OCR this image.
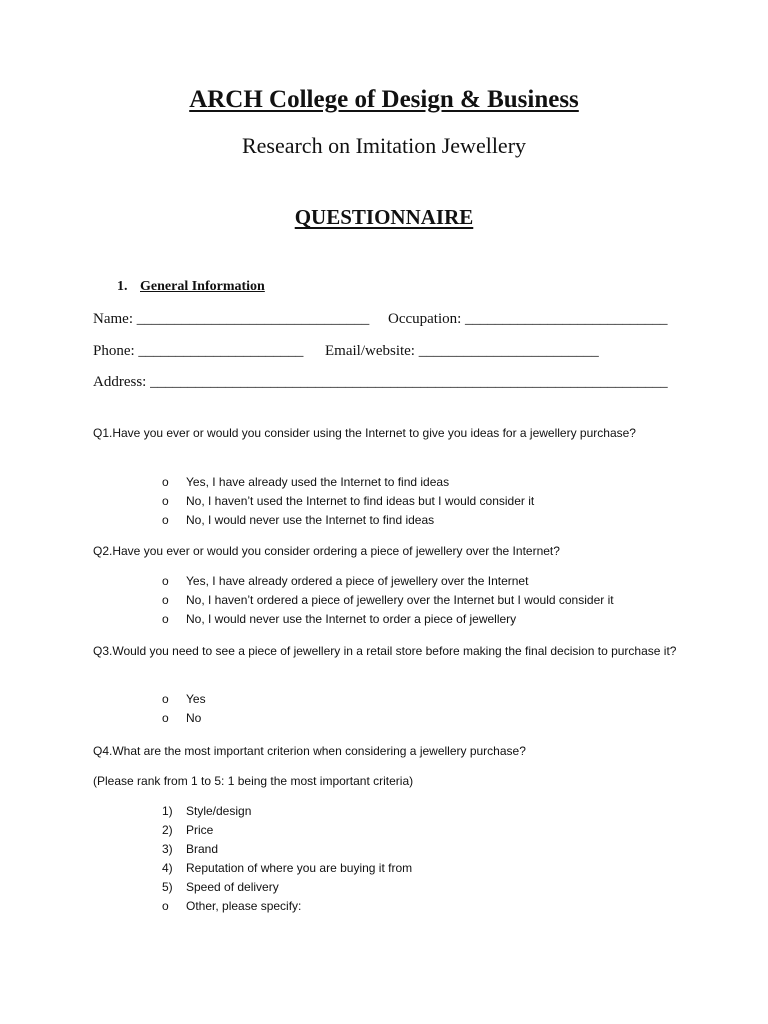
ARCH College of Design & Business
Research on Imitation Jewellery
QUESTIONNAIRE
1. General Information
Name: _______________________________ Occupation: ___________________________
Phone: ______________________ Email/website: ________________________
Address: _____________________________________________________________________
Q1.Have you ever or would you consider using the Internet to give you ideas for a jewellery purchase?
o Yes, I have already used the Internet to find ideas
o No, I haven’t used the Internet to find ideas but I would consider it
o No, I would never use the Internet to find ideas
Q2.Have you ever or would you consider ordering a piece of jewellery over the Internet?
o Yes, I have already ordered a piece of jewellery over the Internet
o No, I haven’t ordered a piece of jewellery over the Internet but I would consider it
o No, I would never use the Internet to order a piece of jewellery
Q3.Would you need to see a piece of jewellery in a retail store before making the final decision to purchase it?
o Yes
o No
Q4.What are the most important criterion when considering a jewellery purchase?
(Please rank from 1 to 5: 1 being the most important criteria)
1) Style/design
2) Price
3) Brand
4) Reputation of where you are buying it from
5) Speed of delivery
o Other, please specify:
